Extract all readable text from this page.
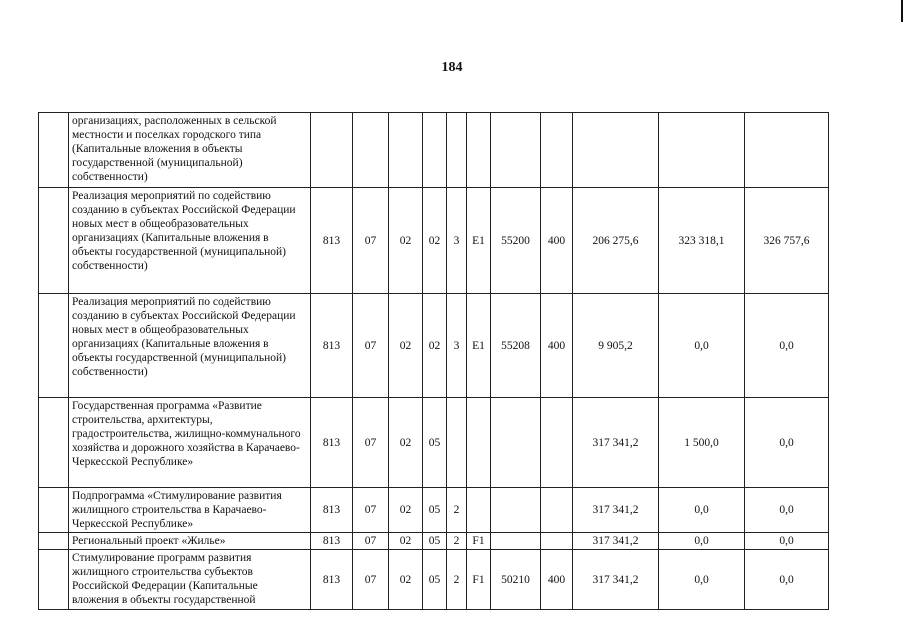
184
	организациях, расположенных в сельской местности и поселках городского типа (Капитальные вложения в объекты государственной (муниципальной) собственности)											
	Реализация мероприятий по содействию созданию в субъектах Российской Федерации новых мест в общеобразовательных организациях (Капитальные вложения в объекты государственной (муниципальной) собственности)	813	07	02	02	3	E1	55200	400	206 275,6	323 318,1	326 757,6
	Реализация мероприятий по содействию созданию в субъектах Российской Федерации новых мест в общеобразовательных организациях (Капитальные вложения в объекты государственной (муниципальной) собственности)	813	07	02	02	3	E1	55208	400	9 905,2	0,0	0,0
	Государственная программа «Развитие строительства, архитектуры, градостроительства, жилищно-коммунального хозяйства и дорожного хозяйства в Карачаево-Черкесской Республике»	813	07	02	05					317 341,2	1 500,0	0,0
	Подпрограмма «Стимулирование развития жилищного строительства в Карачаево-Черкесской Республике»	813	07	02	05	2				317 341,2	0,0	0,0
	Региональный проект «Жилье»	813	07	02	05	2	F1			317 341,2	0,0	0,0
	Стимулирование программ развития жилищного строительства субъектов Российской Федерации (Капитальные вложения в объекты государственной	813	07	02	05	2	F1	50210	400	317 341,2	0,0	0,0
